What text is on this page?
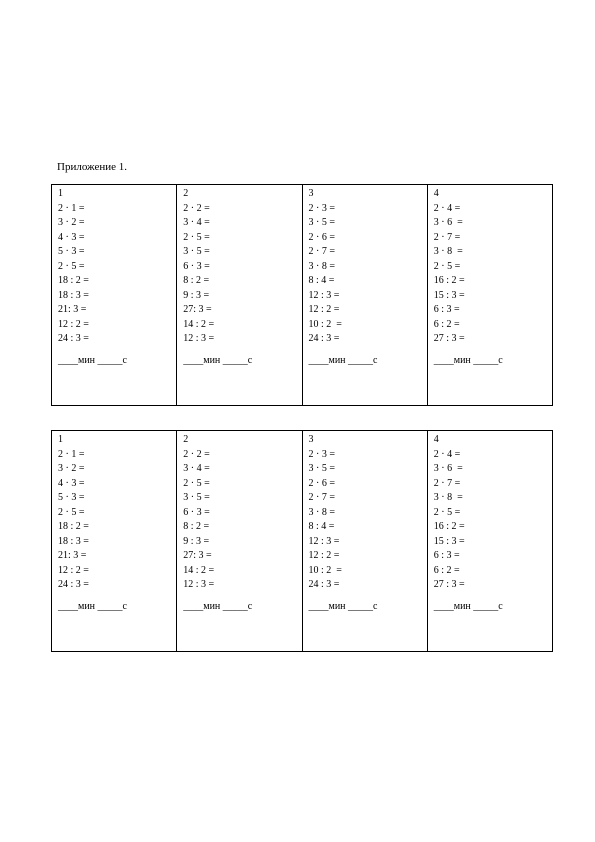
Приложение 1.
1
2 · 1 =
3 · 2 =
4 · 3 =
5 · 3 =
2 · 5 =
18 : 2 =
18 : 3 =
21: 3 =
12 : 2 =
24 : 3 =
____мин _____с
2
2 · 2 =
3 · 4 =
2 · 5 =
3 · 5 =
6 · 3 =
8 : 2 =
9 : 3 =
27: 3 =
14 : 2 =
12 : 3 =
____мин _____с
3
2 · 3 =
3 · 5 =
2 · 6 =
2 · 7 =
3 · 8 =
8 : 4 =
12 : 3 =
12 : 2 =
10 : 2  =
24 : 3 =
____мин _____с
4
2 · 4 =
3 · 6  =
2 · 7 =
3 · 8  =
2 · 5 =
16 : 2 =
15 : 3 =
6 : 3 =
6 : 2 =
27 : 3 =
____мин _____с
1
2 · 1 =
3 · 2 =
4 · 3 =
5 · 3 =
2 · 5 =
18 : 2 =
18 : 3 =
21: 3 =
12 : 2 =
24 : 3 =
____мин _____с
2
2 · 2 =
3 · 4 =
2 · 5 =
3 · 5 =
6 · 3 =
8 : 2 =
9 : 3 =
27: 3 =
14 : 2 =
12 : 3 =
____мин _____с
3
2 · 3 =
3 · 5 =
2 · 6 =
2 · 7 =
3 · 8 =
8 : 4 =
12 : 3 =
12 : 2 =
10 : 2  =
24 : 3 =
____мин _____с
4
2 · 4 =
3 · 6  =
2 · 7 =
3 · 8  =
2 · 5 =
16 : 2 =
15 : 3 =
6 : 3 =
6 : 2 =
27 : 3 =
____мин _____с
